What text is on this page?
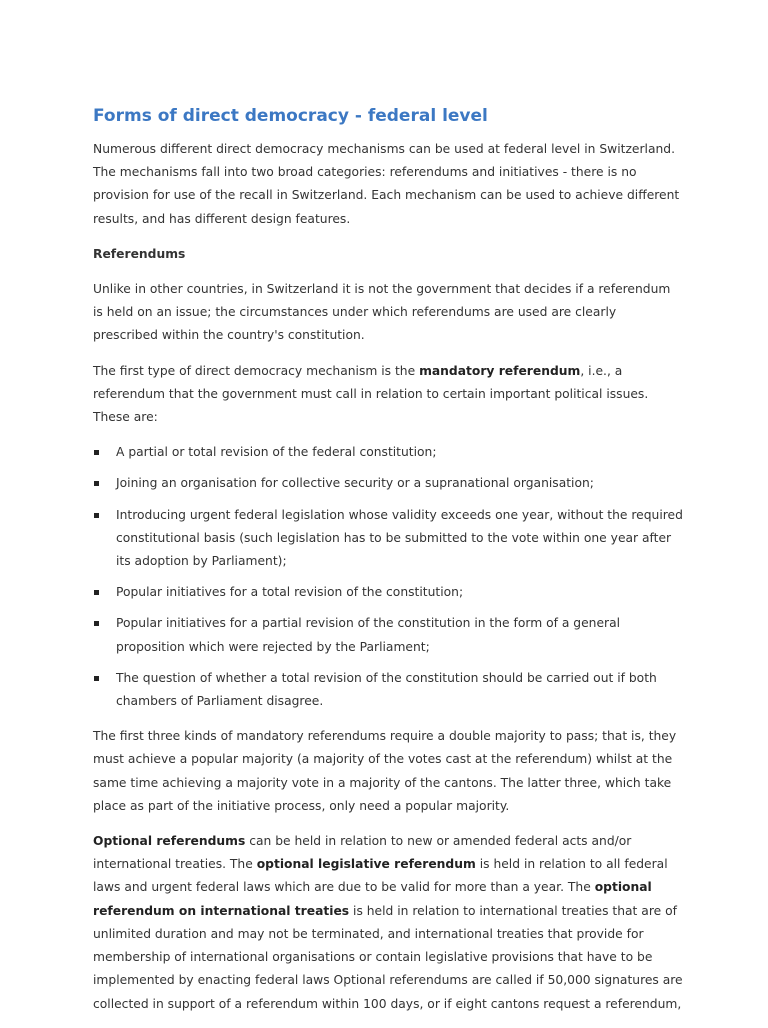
Forms of direct democracy - federal level

Numerous different direct democracy mechanisms can be used at federal level in Switzerland. The mechanisms fall into two broad categories: referendums and initiatives - there is no provision for use of the recall in Switzerland. Each mechanism can be used to achieve different results, and has different design features.

Referendums

Unlike in other countries, in Switzerland it is not the government that decides if a referendum is held on an issue; the circumstances under which referendums are used are clearly prescribed within the country's constitution.

The first type of direct democracy mechanism is the mandatory referendum, i.e., a referendum that the government must call in relation to certain important political issues. These are:

A partial or total revision of the federal constitution;
Joining an organisation for collective security or a supranational organisation;
Introducing urgent federal legislation whose validity exceeds one year, without the required constitutional basis (such legislation has to be submitted to the vote within one year after its adoption by Parliament);
Popular initiatives for a total revision of the constitution;
Popular initiatives for a partial revision of the constitution in the form of a general proposition which were rejected by the Parliament;
The question of whether a total revision of the constitution should be carried out if both chambers of Parliament disagree.

The first three kinds of mandatory referendums require a double majority to pass; that is, they must achieve a popular majority (a majority of the votes cast at the referendum) whilst at the same time achieving a majority vote in a majority of the cantons. The latter three, which take place as part of the initiative process, only need a popular majority.

Optional referendums can be held in relation to new or amended federal acts and/or international treaties. The optional legislative referendum is held in relation to all federal laws and urgent federal laws which are due to be valid for more than a year. The optional referendum on international treaties is held in relation to international treaties that are of unlimited duration and may not be terminated, and international treaties that provide for membership of international organisations or contain legislative provisions that have to be implemented by enacting federal laws Optional referendums are called if 50,000 signatures are collected in support of a referendum within 100 days, or if eight cantons request a referendum,
